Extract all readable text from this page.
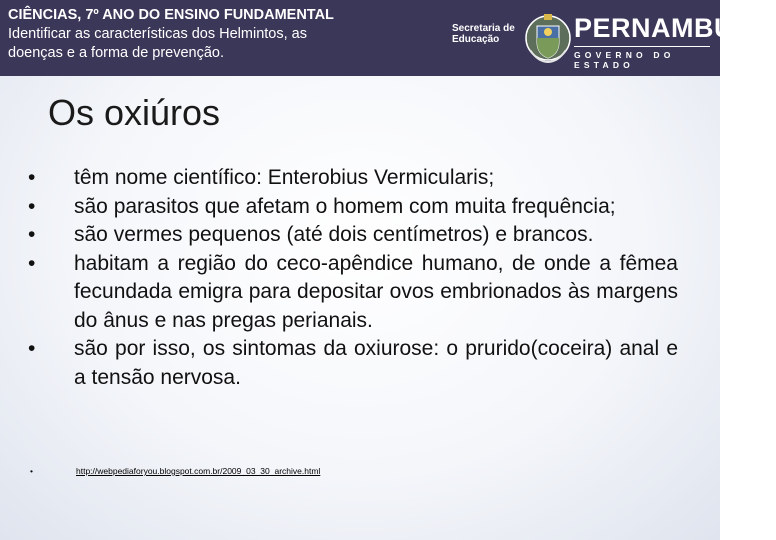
CIÊNCIAS, 7º ANO DO ENSINO FUNDAMENTAL
Identificar as características dos Helmintos, as
doenças e a forma de prevenção.
Secretaria de
Educação	PERNAMBUCO
GOVERNO DO ESTADO
Os oxiúros
•	têm nome científico: Enterobius Vermicularis;
•	são parasitos que afetam o homem com muita frequência;
•	são vermes pequenos (até dois centímetros) e brancos.
•	habitam a região do ceco-apêndice humano, de onde a fêmea fecundada emigra para depositar ovos embrionados às margens do ânus e nas pregas perianais.
•	são por isso, os sintomas da oxiurose: o prurido(coceira) anal e a tensão nervosa.
•	http://webpediaforyou.blogspot.com.br/2009_03_30_archive.html
